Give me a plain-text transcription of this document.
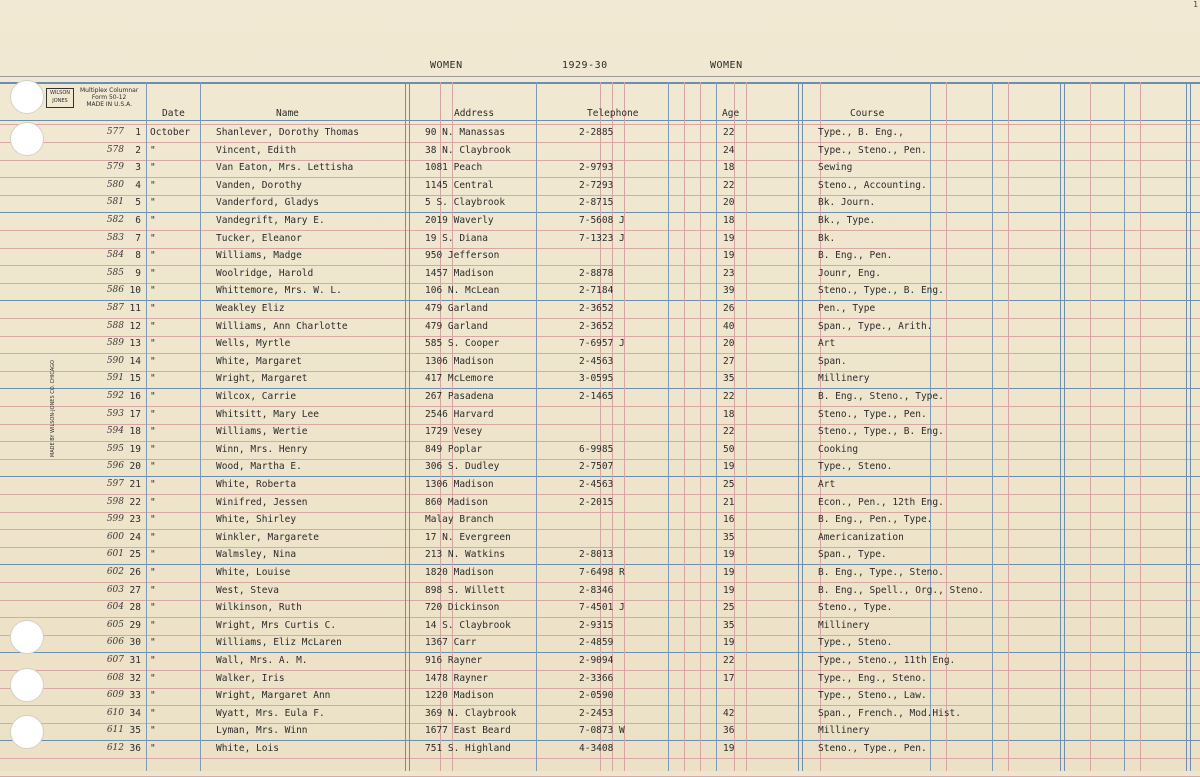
WOMEN	1929-30	WOMEN
1
WILSON JONES
Multiplex Columnar
Form 50-12
MADE IN U.S.A.
MADE BY WILSON-JONES CO. CHICAGO
Date	Name	Address	Telephone	Age	Course
577	1 October	Shanlever, Dorothy Thomas	90 N. Manassas	2-2885	22	Type., B. Eng.,
578	2 "	Vincent, Edith	38 N. Claybrook	24	Type., Steno., Pen.
579	3 "	Van Eaton, Mrs. Lettisha	1081 Peach	2-9793	18	Sewing
580	4 "	Vanden, Dorothy	1145 Central	2-7293	22	Steno., Accounting.
581	5 "	Vanderford, Gladys	5 S. Claybrook	2-8715	20	Bk. Journ.
582	6 "	Vandegrift, Mary E.	2019 Waverly	7-5608 J	18	Bk., Type.
583	7 "	Tucker, Eleanor	19 S. Diana	7-1323 J	19	Bk.
584	8 "	Williams, Madge	950 Jefferson	19	B. Eng., Pen.
585	9 "	Woolridge, Harold	1457 Madison	2-8878	23	Jounr, Eng.
586 10 "	Whittemore, Mrs. W. L.	106 N. McLean	2-7184	39	Steno., Type., B. Eng.
587 11 "	Weakley Eliz	479 Garland	2-3652	26	Pen., Type
588 12 "	Williams, Ann Charlotte	479 Garland	2-3652	40	Span., Type., Arith.
589 13 "	Wells, Myrtle	585 S. Cooper	7-6957 J	20	Art
590 14 "	White, Margaret	1306 Madison	2-4563	27	Span.
591 15 "	Wright, Margaret	417 McLemore	3-0595	35	Millinery
592 16 "	Wilcox, Carrie	267 Pasadena	2-1465	22	B. Eng., Steno., Type.
593 17 "	Whitsitt, Mary Lee	2546 Harvard	18	Steno., Type., Pen.
594 18 "	Williams, Wertie	1729 Vesey	22	Steno., Type., B. Eng.
595 19 "	Winn, Mrs. Henry	849 Poplar	6-9985	50	Cooking
596 20 "	Wood, Martha E.	306 S. Dudley	2-7507	19	Type., Steno.
597 21 "	White, Roberta	1306 Madison	2-4563	25	Art
598 22 "	Winifred, Jessen	860 Madison	2-2015	21	Econ., Pen., 12th Eng.
599 23 "	White, Shirley	Malay Branch	16	B. Eng., Pen., Type.
600 24 "	Winkler, Margarete	17 N. Evergreen	35	Americanization
601 25 "	Walmsley, Nina	213 N. Watkins	2-8013	19	Span., Type.
602 26 "	White, Louise	1820 Madison	7-6498 R	19	B. Eng., Type., Steno.
603 27 "	West, Steva	898 S. Willett	2-8346	19	B. Eng., Spell., Org., Steno.
604 28 "	Wilkinson, Ruth	720 Dickinson	7-4501 J	25	Steno., Type.
605 29 "	Wright, Mrs Curtis C.	14 S. Claybrook	2-9315	35	Millinery
606 30 "	Williams, Eliz McLaren	1367 Carr	2-4859	19	Type., Steno.
607 31 "	Wall, Mrs. A. M.	916 Rayner	2-9094	22	Type., Steno., 11th Eng.
608 32 "	Walker, Iris	1478 Rayner	2-3366	17	Type., Eng., Steno.
609 33 "	Wright, Margaret Ann	1220 Madison	2-0590	Type., Steno., Law.
610 34 "	Wyatt, Mrs. Eula F.	369 N. Claybrook	2-2453	42	Span., French., Mod.Hist.
611 35 "	Lyman, Mrs. Winn	1677 East Beard	7-0873 W	36	Millinery
612 36 "	White, Lois	751 S. Highland	4-3408	19	Steno., Type., Pen.
